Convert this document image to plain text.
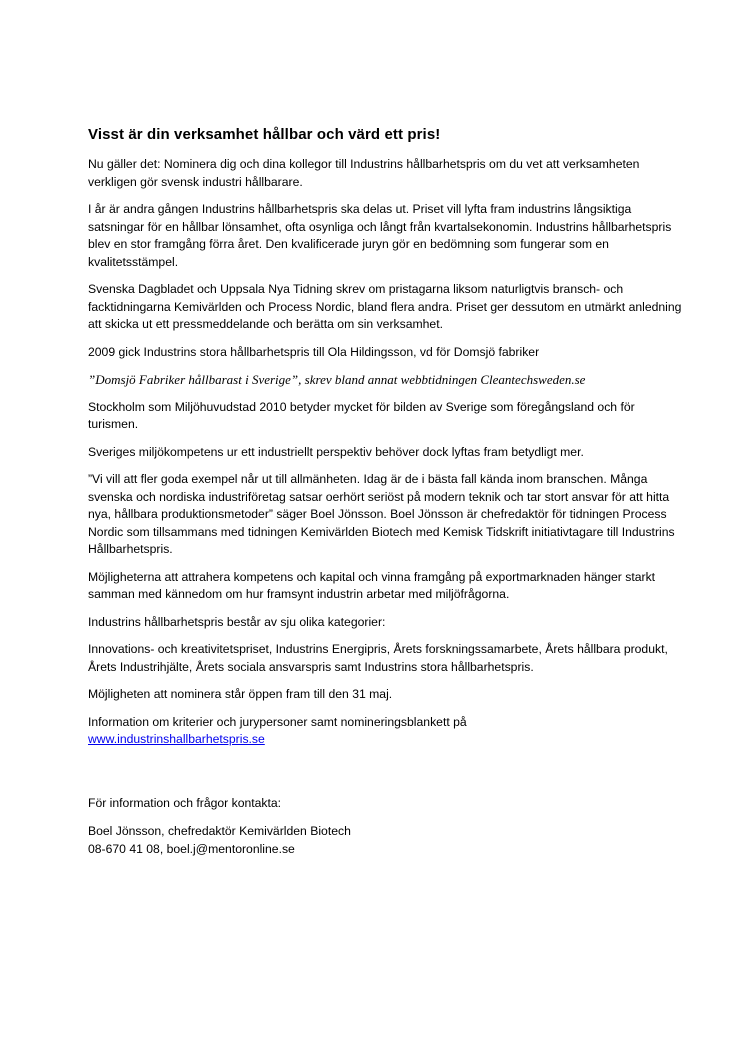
Visst är din verksamhet hållbar och värd ett pris!

Nu gäller det: Nominera dig och dina kollegor till Industrins hållbarhetspris om du vet att verksamheten verkligen gör svensk industri hållbarare.

I år är andra gången Industrins hållbarhetspris ska delas ut. Priset vill lyfta fram industrins långsiktiga satsningar för en hållbar lönsamhet, ofta osynliga och långt från kvartalsekonomin. Industrins hållbarhetspris blev en stor framgång förra året. Den kvalificerade juryn gör en bedömning som fungerar som en kvalitetsstämpel.

Svenska Dagbladet och Uppsala Nya Tidning skrev om pristagarna liksom naturligtvis bransch- och facktidningarna Kemivärlden och Process Nordic, bland flera andra. Priset ger dessutom en utmärkt anledning att skicka ut ett pressmeddelande och berätta om sin verksamhet.

2009 gick Industrins stora hållbarhetspris till Ola Hildingsson, vd för Domsjö fabriker

”Domsjö Fabriker hållbarast i Sverige”, skrev bland annat webbtidningen Cleantechsweden.se

Stockholm som Miljöhuvudstad 2010 betyder mycket för bilden av Sverige som föregångsland och för turismen.

Sveriges miljökompetens ur ett industriellt perspektiv behöver dock lyftas fram betydligt mer.

”Vi vill att fler goda exempel når ut till allmänheten. Idag är de i bästa fall kända inom branschen. Många svenska och nordiska industriföretag satsar oerhört seriöst på modern teknik och tar stort ansvar för att hitta nya, hållbara produktionsmetoder” säger Boel Jönsson. Boel Jönsson är chefredaktör för tidningen Process Nordic som tillsammans med tidningen Kemivärlden Biotech med Kemisk Tidskrift initiativtagare till Industrins Hållbarhetspris.

Möjligheterna att attrahera kompetens och kapital och vinna framgång på exportmarknaden hänger starkt samman med kännedom om hur framsynt industrin arbetar med miljöfrågorna.

Industrins hållbarhetspris består av sju olika kategorier:

Innovations- och kreativitetspriset, Industrins Energipris, Årets forskningssamarbete, Årets hållbara produkt, Årets Industrihjälte, Årets sociala ansvarspris samt Industrins stora hållbarhetspris.

Möjligheten att nominera står öppen fram till den 31 maj.

Information om kriterier och jurypersoner samt nomineringsblankett på
www.industrinshallbarhetspris.se

För information och frågor kontakta:

Boel Jönsson, chefredaktör Kemivärlden Biotech

08-670 41 08, boel.j@mentoronline.se
